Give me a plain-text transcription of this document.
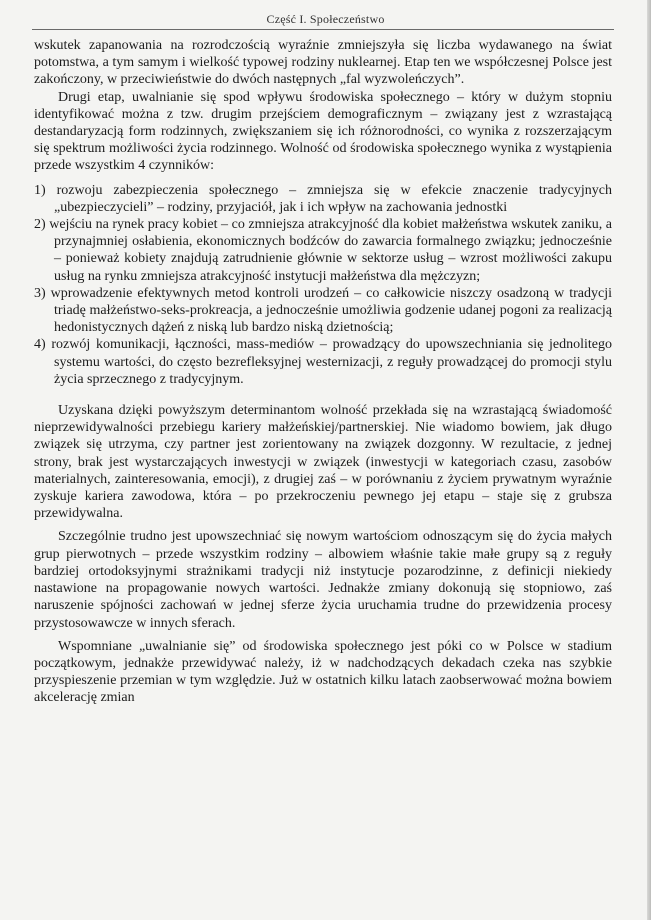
Część I. Społeczeństwo

wskutek zapanowania na rozrodczością wyraźnie zmniejszyła się liczba wydawanego na świat potomstwa, a tym samym i wielkość typowej rodziny nuklearnej. Etap ten we współczesnej Polsce jest zakończony, w przeciwieństwie do dwóch następnych „fal wyzwoleńczych”.

Drugi etap, uwalnianie się spod wpływu środowiska społecznego – który w dużym stopniu identyfikować można z tzw. drugim przejściem demograficznym – związany jest z wzrastającą destandaryzacją form rodzinnych, zwiększaniem się ich różnorodności, co wynika z rozszerzającym się spektrum możliwości życia rodzinnego. Wolność od środowiska społecznego wynika z wystąpienia przede wszystkim 4 czynników:

1) rozwoju zabezpieczenia społecznego – zmniejsza się w efekcie znaczenie tradycyjnych „ubezpieczycieli” – rodziny, przyjaciół, jak i ich wpływ na zachowania jednostki
2) wejściu na rynek pracy kobiet – co zmniejsza atrakcyjność dla kobiet małżeństwa wskutek zaniku, a przynajmniej osłabienia, ekonomicznych bodźców do zawarcia formalnego związku; jednocześnie – ponieważ kobiety znajdują zatrudnienie głównie w sektorze usług – wzrost możliwości zakupu usług na rynku zmniejsza atrakcyjność instytucji małżeństwa dla mężczyzn;
3) wprowadzenie efektywnych metod kontroli urodzeń – co całkowicie niszczy osadzoną w tradycji triadę małżeństwo-seks-prokreacja, a jednocześnie umożliwia godzenie udanej pogoni za realizacją hedonistycznych dążeń z niską lub bardzo niską dzietnością;
4) rozwój komunikacji, łączności, mass-mediów – prowadzący do upowszechniania się jednolitego systemu wartości, do często bezrefleksyjnej westernizacji, z reguły prowadzącej do promocji stylu życia sprzecznego z tradycyjnym.

Uzyskana dzięki powyższym determinantom wolność przekłada się na wzrastającą świadomość nieprzewidywalności przebiegu kariery małżeńskiej/partnerskiej. Nie wiadomo bowiem, jak długo związek się utrzyma, czy partner jest zorientowany na związek dozgonny. W rezultacie, z jednej strony, brak jest wystarczających inwestycji w związek (inwestycji w kategoriach czasu, zasobów materialnych, zainteresowania, emocji), z drugiej zaś – w porównaniu z życiem prywatnym wyraźnie zyskuje kariera zawodowa, która – po przekroczeniu pewnego jej etapu – staje się z grubsza przewidywalna.

Szczególnie trudno jest upowszechniać się nowym wartościom odnoszącym się do życia małych grup pierwotnych – przede wszystkim rodziny – albowiem właśnie takie małe grupy są z reguły bardziej ortodoksyjnymi strażnikami tradycji niż instytucje pozarodzinne, z definicji niekiedy nastawione na propagowanie nowych wartości. Jednakże zmiany dokonują się stopniowo, zaś naruszenie spójności zachowań w jednej sferze życia uruchamia trudne do przewidzenia procesy przystosowawcze w innych sferach.

Wspomniane „uwalnianie się” od środowiska społecznego jest póki co w Polsce w stadium początkowym, jednakże przewidywać należy, iż w nadchodzących dekadach czeka nas szybkie przyspieszenie przemian w tym względzie. Już w ostatnich kilku latach zaobserwować można bowiem akcelerację zmian
